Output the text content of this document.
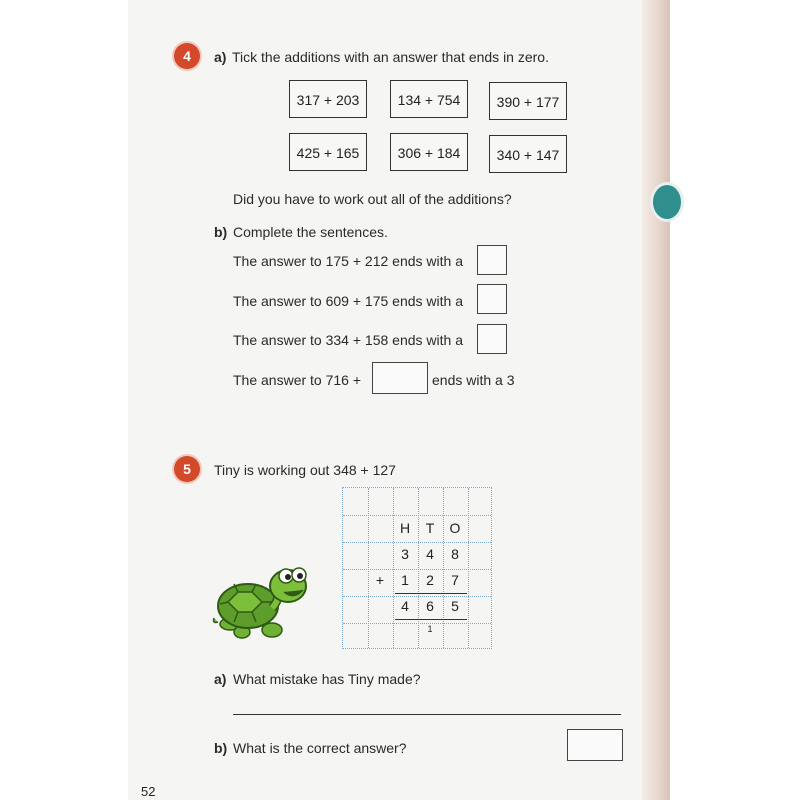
4	a) Tick the additions with an answer that ends in zero.
317 + 203	134 + 754	390 + 177
425 + 165	306 + 184	340 + 147
Did you have to work out all of the additions?
b) Complete the sentences.
The answer to 175 + 212 ends with a
The answer to 609 + 175 ends with a
The answer to 334 + 158 ends with a
The answer to 716 +	ends with a 3
5	Tiny is working out 348 + 127
H	T	O
3	4	8
+	1	2	7
4	6	5
1
a) What mistake has Tiny made?
b) What is the correct answer?
52
